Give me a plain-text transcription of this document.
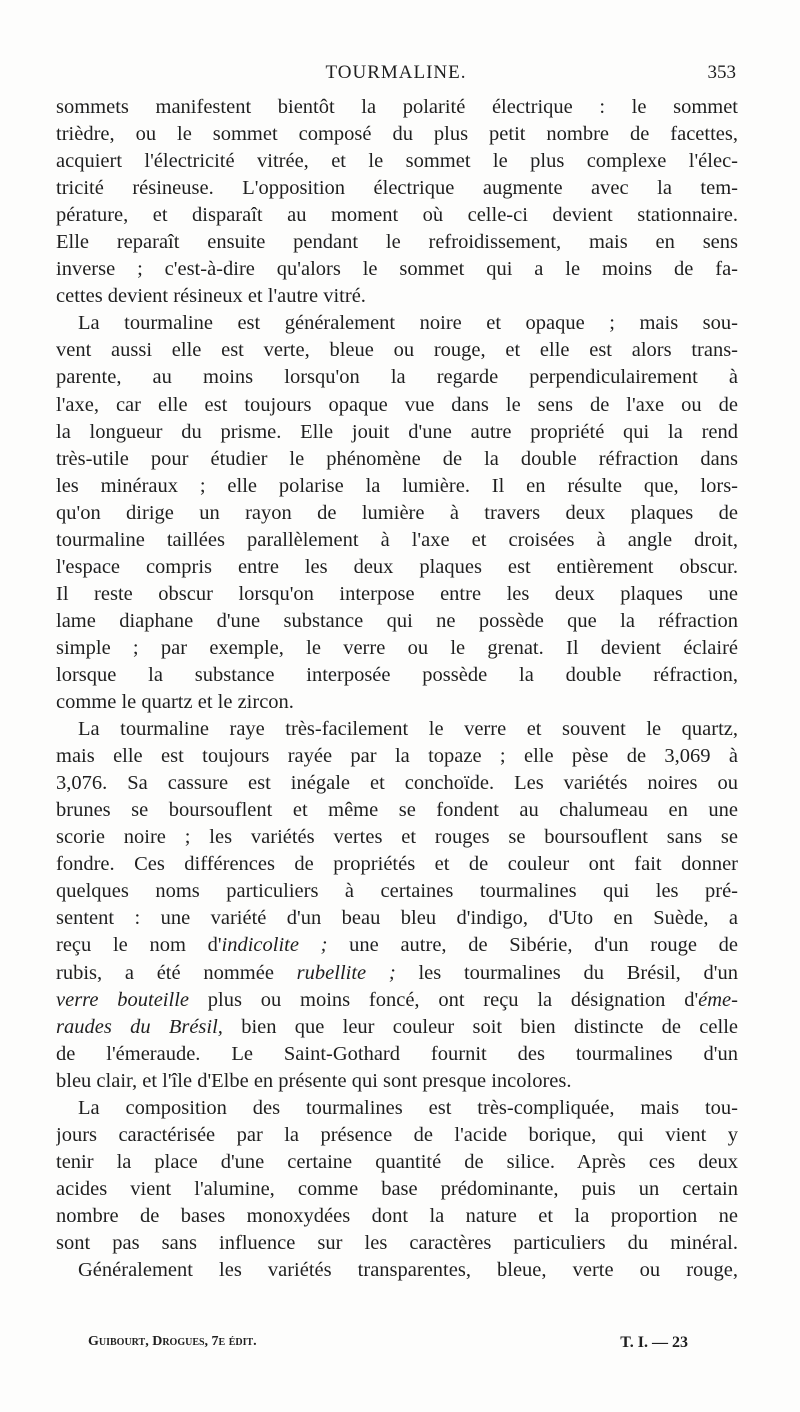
TOURMALINE.	353
sommets manifestent bientôt la polarité électrique : le sommet
trièdre, ou le sommet composé du plus petit nombre de facettes,
acquiert l'électricité vitrée, et le sommet le plus complexe l'élec-
tricité résineuse. L'opposition électrique augmente avec la tem-
pérature, et disparaît au moment où celle-ci devient stationnaire.
Elle reparaît ensuite pendant le refroidissement, mais en sens
inverse ; c'est-à-dire qu'alors le sommet qui a le moins de fa-
cettes devient résineux et l'autre vitré.
La tourmaline est généralement noire et opaque ; mais sou-
vent aussi elle est verte, bleue ou rouge, et elle est alors trans-
parente, au moins lorsqu'on la regarde perpendiculairement à
l'axe, car elle est toujours opaque vue dans le sens de l'axe ou de
la longueur du prisme. Elle jouit d'une autre propriété qui la rend
très-utile pour étudier le phénomène de la double réfraction dans
les minéraux ; elle polarise la lumière. Il en résulte que, lors-
qu'on dirige un rayon de lumière à travers deux plaques de
tourmaline taillées parallèlement à l'axe et croisées à angle droit,
l'espace compris entre les deux plaques est entièrement obscur.
Il reste obscur lorsqu'on interpose entre les deux plaques une
lame diaphane d'une substance qui ne possède que la réfraction
simple ; par exemple, le verre ou le grenat. Il devient éclairé
lorsque la substance interposée possède la double réfraction,
comme le quartz et le zircon.
La tourmaline raye très-facilement le verre et souvent le quartz,
mais elle est toujours rayée par la topaze ; elle pèse de 3,069 à
3,076. Sa cassure est inégale et conchoïde. Les variétés noires ou
brunes se boursouflent et même se fondent au chalumeau en une
scorie noire ; les variétés vertes et rouges se boursouflent sans se
fondre. Ces différences de propriétés et de couleur ont fait donner
quelques noms particuliers à certaines tourmalines qui les pré-
sentent : une variété d'un beau bleu d'indigo, d'Uto en Suède, a
reçu le nom d'indicolite ; une autre, de Sibérie, d'un rouge de
rubis, a été nommée rubellite ; les tourmalines du Brésil, d'un
verre bouteille plus ou moins foncé, ont reçu la désignation d'éme-
raudes du Brésil, bien que leur couleur soit bien distincte de celle
de l'émeraude. Le Saint-Gothard fournit des tourmalines d'un
bleu clair, et l'île d'Elbe en présente qui sont presque incolores.
La composition des tourmalines est très-compliquée, mais tou-
jours caractérisée par la présence de l'acide borique, qui vient y
tenir la place d'une certaine quantité de silice. Après ces deux
acides vient l'alumine, comme base prédominante, puis un certain
nombre de bases monoxydées dont la nature et la proportion ne
sont pas sans influence sur les caractères particuliers du minéral.
Généralement les variétés transparentes, bleue, verte ou rouge,
Guibourt, Drogues, 7e édit.	T. I. — 23
